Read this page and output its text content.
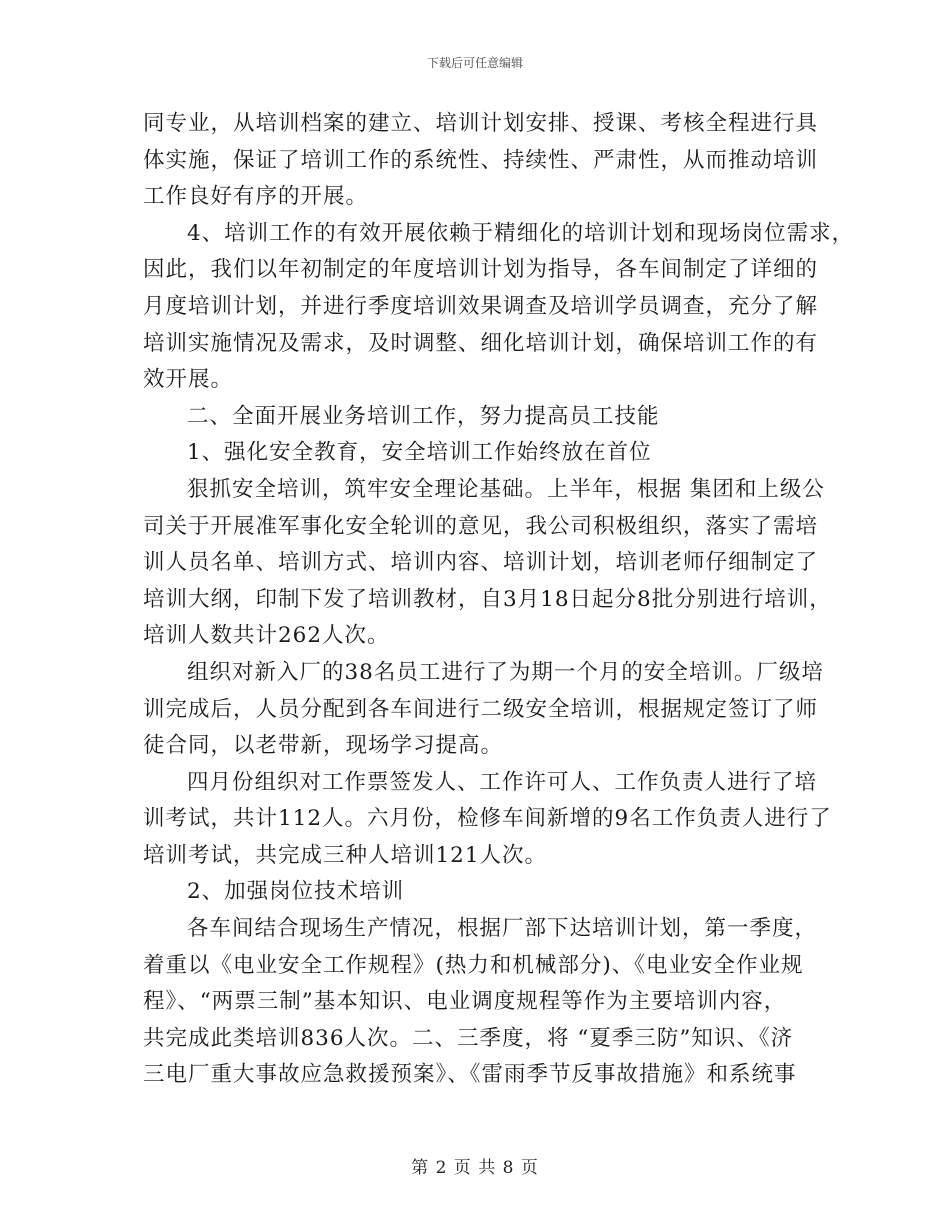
下载后可任意编辑
同专业，从培训档案的建立、培训计划安排、授课、考核全程进行具
体实施，保证了培训工作的系统性、持续性、严肃性，从而推动培训
工作良好有序的开展。
4、培训工作的有效开展依赖于精细化的培训计划和现场岗位需求，
因此，我们以年初制定的年度培训计划为指导，各车间制定了详细的
月度培训计划，并进行季度培训效果调查及培训学员调查，充分了解
培训实施情况及需求，及时调整、细化培训计划，确保培训工作的有
效开展。
二、全面开展业务培训工作，努力提高员工技能
1、强化安全教育，安全培训工作始终放在首位
狠抓安全培训，筑牢安全理论基础。上半年，根据 集团和上级公
司关于开展准军事化安全轮训的意见，我公司积极组织，落实了需培
训人员名单、培训方式、培训内容、培训计划，培训老师仔细制定了
培训大纲，印制下发了培训教材，自3月18日起分8批分别进行培训，
培训人数共计262人次。
组织对新入厂的38名员工进行了为期一个月的安全培训。厂级培
训完成后，人员分配到各车间进行二级安全培训，根据规定签订了师
徒合同，以老带新，现场学习提高。
四月份组织对工作票签发人、工作许可人、工作负责人进行了培
训考试，共计112人。六月份，检修车间新增的9名工作负责人进行了
培训考试，共完成三种人培训121人次。
2、加强岗位技术培训
各车间结合现场生产情况，根据厂部下达培训计划，第一季度，
着重以《电业安全工作规程》(热力和机械部分)、《电业安全作业规
程》、“两票三制”基本知识、电业调度规程等作为主要培训内容，
共完成此类培训836人次。二、三季度，将 “夏季三防”知识、《济
三电厂重大事故应急救援预案》、《雷雨季节反事故措施》和系统事
第 2 页 共 8 页
